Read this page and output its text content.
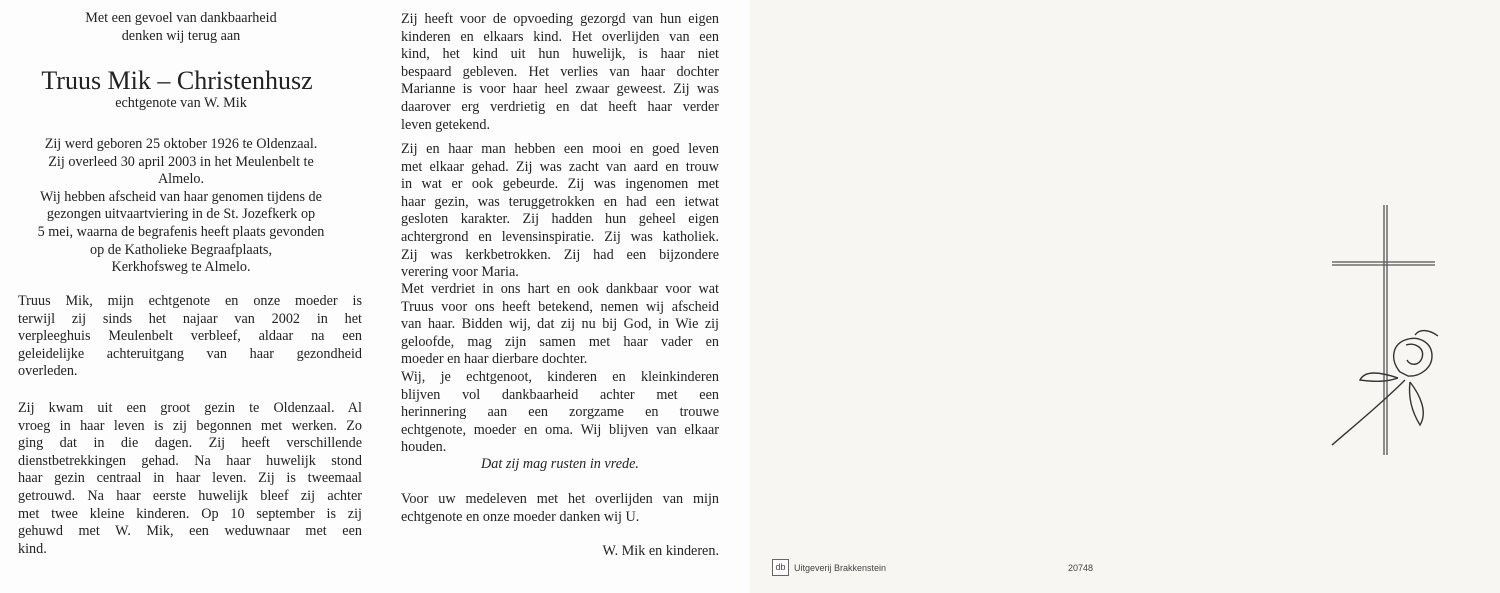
Met een gevoel van dankbaarheid
denken wij terug aan
Truus Mik – Christenhusz
echtgenote van W. Mik
Zij werd geboren 25 oktober 1926 te Oldenzaal.
Zij overleed 30 april 2003 in het Meulenbelt te
Almelo.
Wij hebben afscheid van haar genomen tijdens de
gezongen uitvaartviering in de St. Jozefkerk op
5 mei, waarna de begrafenis heeft plaats gevonden
op de Katholieke Begraafplaats,
Kerkhofsweg te Almelo.
Truus Mik, mijn echtgenote en onze moeder is
terwijl zij sinds het najaar van 2002 in het
verpleeghuis Meulenbelt verbleef, aldaar na een
geleidelijke achteruitgang van haar gezondheid
overleden.
Zij kwam uit een groot gezin te Oldenzaal. Al
vroeg in haar leven is zij begonnen met werken. Zo
ging dat in die dagen. Zij heeft verschillende
dienstbetrekkingen gehad. Na haar huwelijk stond
haar gezin centraal in haar leven. Zij is tweemaal
getrouwd. Na haar eerste huwelijk bleef zij achter
met twee kleine kinderen. Op 10 september is zij
gehuwd met W. Mik, een weduwnaar met een
kind.
Zij heeft voor de opvoeding gezorgd van hun eigen
kinderen en elkaars kind. Het overlijden van een
kind, het kind uit hun huwelijk, is haar niet
bespaard gebleven. Het verlies van haar dochter
Marianne is voor haar heel zwaar geweest. Zij was
daarover erg verdrietig en dat heeft haar verder
leven getekend.
Zij en haar man hebben een mooi en goed leven
met elkaar gehad. Zij was zacht van aard en trouw
in wat er ook gebeurde. Zij was ingenomen met
haar gezin, was teruggetrokken en had een ietwat
gesloten karakter. Zij hadden hun geheel eigen
achtergrond en levensinspiratie. Zij was katholiek.
Zij was kerkbetrokken. Zij had een bijzondere
verering voor Maria.
Met verdriet in ons hart en ook dankbaar voor wat
Truus voor ons heeft betekend, nemen wij afscheid
van haar. Bidden wij, dat zij nu bij God, in Wie zij
geloofde, mag zijn samen met haar vader en
moeder en haar dierbare dochter.
Wij, je echtgenoot, kinderen en kleinkinderen
blijven vol dankbaarheid achter met een
herinnering aan een zorgzame en trouwe
echtgenote, moeder en oma. Wij blijven van elkaar
houden.
Dat zij mag rusten in vrede.
Voor uw medeleven met het overlijden van mijn
echtgenote en onze moeder danken wij U.
W. Mik en kinderen.
db Uitgeverij Brakkenstein	20748
